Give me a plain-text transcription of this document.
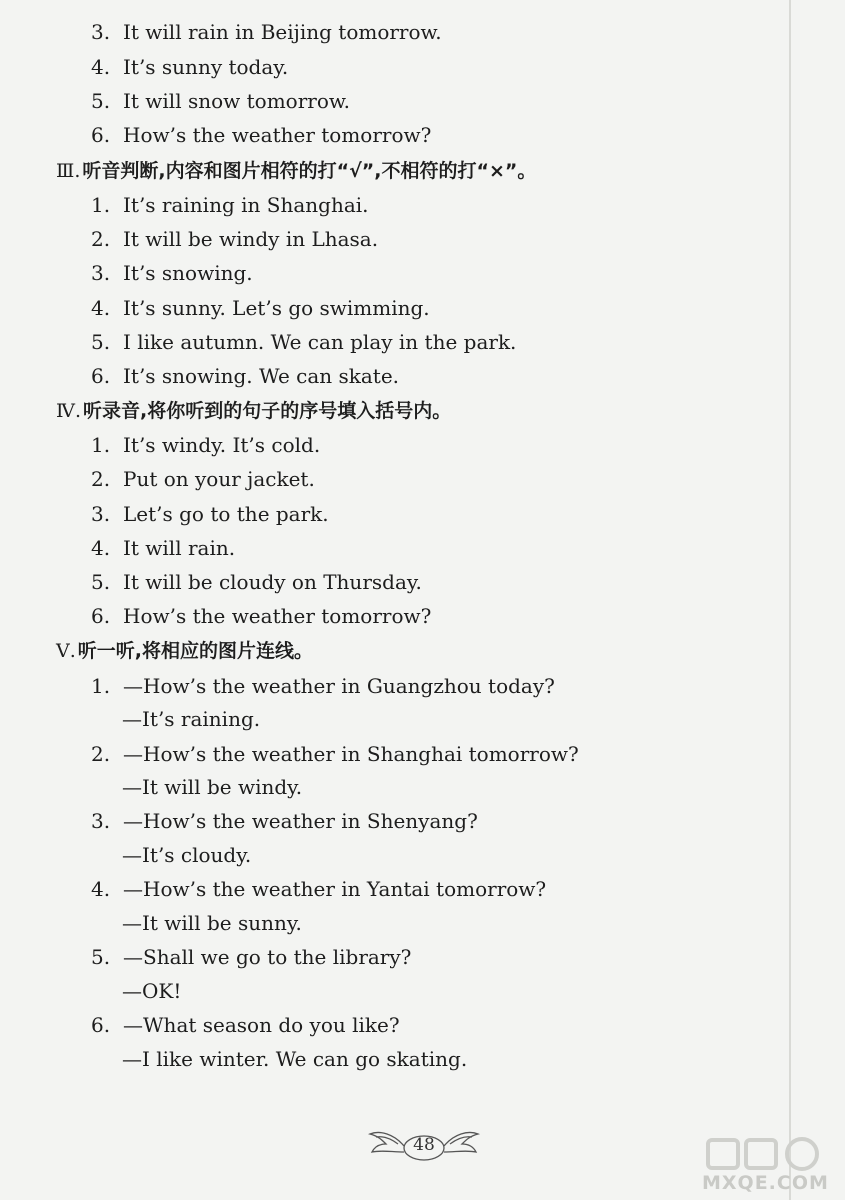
3. It will rain in Beijing tomorrow.
4. It’s sunny today.
5. It will snow tomorrow.
6. How’s the weather tomorrow?
Ⅲ. 听音判断,内容和图片相符的打“√”,不相符的打“×”。
1. It’s raining in Shanghai.
2. It will be windy in Lhasa.
3. It’s snowing.
4. It’s sunny. Let’s go swimming.
5. I like autumn. We can play in the park.
6. It’s snowing. We can skate.
Ⅳ. 听录音,将你听到的句子的序号填入括号内。
1. It’s windy. It’s cold.
2. Put on your jacket.
3. Let’s go to the park.
4. It will rain.
5. It will be cloudy on Thursday.
6. How’s the weather tomorrow?
Ⅴ. 听一听,将相应的图片连线。
1. —How’s the weather in Guangzhou today?
—It’s raining.
2. —How’s the weather in Shanghai tomorrow?
—It will be windy.
3. —How’s the weather in Shenyang?
—It’s cloudy.
4. —How’s the weather in Yantai tomorrow?
—It will be sunny.
5. —Shall we go to the library?
—OK!
6. —What season do you like?
—I like winter. We can go skating.
48
MXQE.COM
